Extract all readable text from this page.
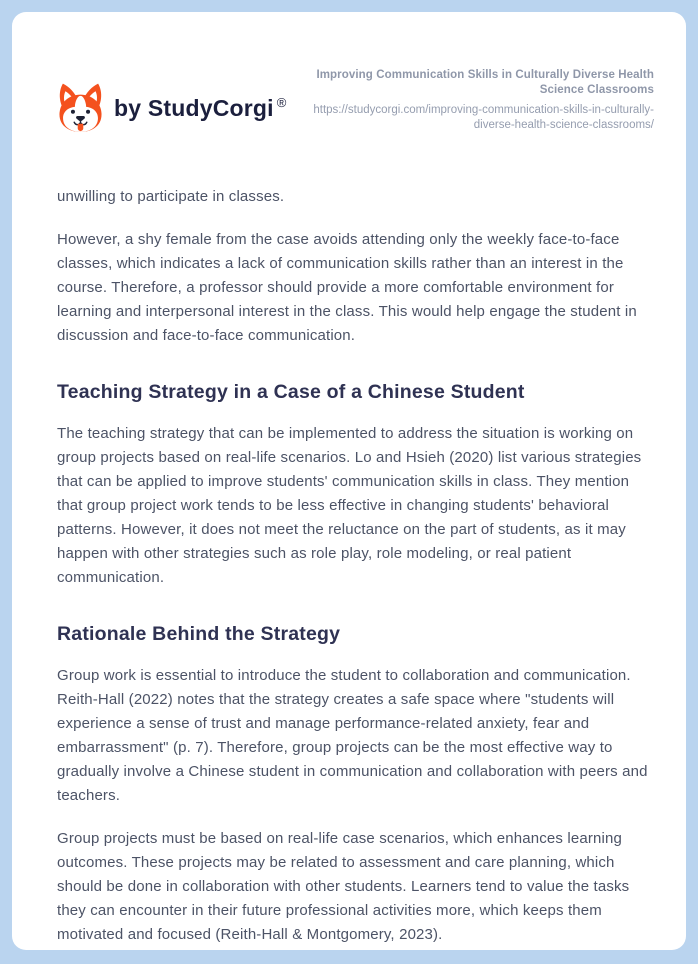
by StudyCorgi ®

Improving Communication Skills in Culturally Diverse Health Science Classrooms

https://studycorgi.com/improving-communication-skills-in-culturally-diverse-health-science-classrooms/

unwilling to participate in classes.

However, a shy female from the case avoids attending only the weekly face-to-face classes, which indicates a lack of communication skills rather than an interest in the course. Therefore, a professor should provide a more comfortable environment for learning and interpersonal interest in the class. This would help engage the student in discussion and face-to-face communication.

Teaching Strategy in a Case of a Chinese Student

The teaching strategy that can be implemented to address the situation is working on group projects based on real-life scenarios. Lo and Hsieh (2020) list various strategies that can be applied to improve students' communication skills in class. They mention that group project work tends to be less effective in changing students' behavioral patterns. However, it does not meet the reluctance on the part of students, as it may happen with other strategies such as role play, role modeling, or real patient communication.

Rationale Behind the Strategy

Group work is essential to introduce the student to collaboration and communication. Reith-Hall (2022) notes that the strategy creates a safe space where "students will experience a sense of trust and manage performance-related anxiety, fear and embarrassment" (p. 7). Therefore, group projects can be the most effective way to gradually involve a Chinese student in communication and collaboration with peers and teachers.

Group projects must be based on real-life case scenarios, which enhances learning outcomes. These projects may be related to assessment and care planning, which should be done in collaboration with other students. Learners tend to value the tasks they can encounter in their future professional activities more, which keeps them motivated and focused (Reith-Hall & Montgomery, 2023).
